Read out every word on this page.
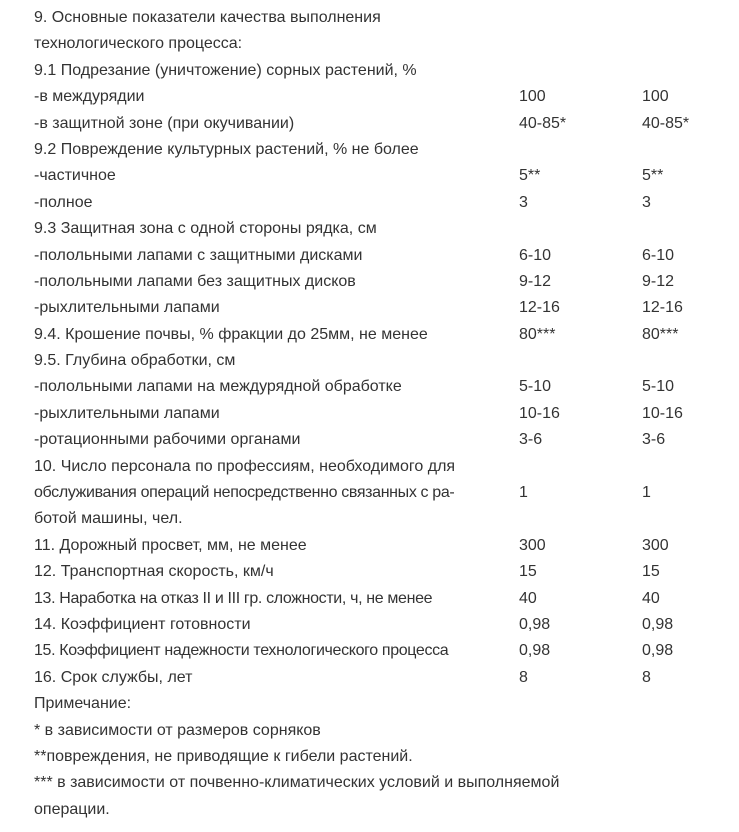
9. Основные показатели качества выполнения
технологического процесса:
9.1 Подрезание (уничтожение) сорных растений, %
-в междурядии	100	100
-в защитной зоне (при окучивании)	40-85*	40-85*
9.2 Повреждение культурных растений, % не более
-частичное	5**	5**
-полное	3	3
9.3 Защитная зона с одной стороны рядка, см
-полольными лапами с защитными дисками	6-10	6-10
-полольными лапами без защитных дисков	9-12	9-12
-рыхлительными лапами	12-16	12-16
9.4. Крошение почвы, % фракции до 25мм, не менее	80***	80***
9.5. Глубина обработки, см
-полольными лапами на междурядной обработке	5-10	5-10
-рыхлительными лапами	10-16	10-16
-ротационными рабочими органами	3-6	3-6
10. Число персонала по профессиям, необходимого для
обслуживания операций непосредственно связанных с ра-	1	1
ботой машины, чел.
11. Дорожный просвет, мм, не менее	300	300
12. Транспортная скорость, км/ч	15	15
13. Наработка на отказ II и III гр. сложности, ч, не менее	40	40
14. Коэффициент готовности	0,98	0,98
15. Коэффициент надежности технологического процесса	0,98	0,98
16. Срок службы, лет	8	8
Примечание:
* в зависимости от размеров сорняков
**повреждения, не приводящие к гибели растений.
*** в зависимости от почвенно-климатических условий и выполняемой
операции.
